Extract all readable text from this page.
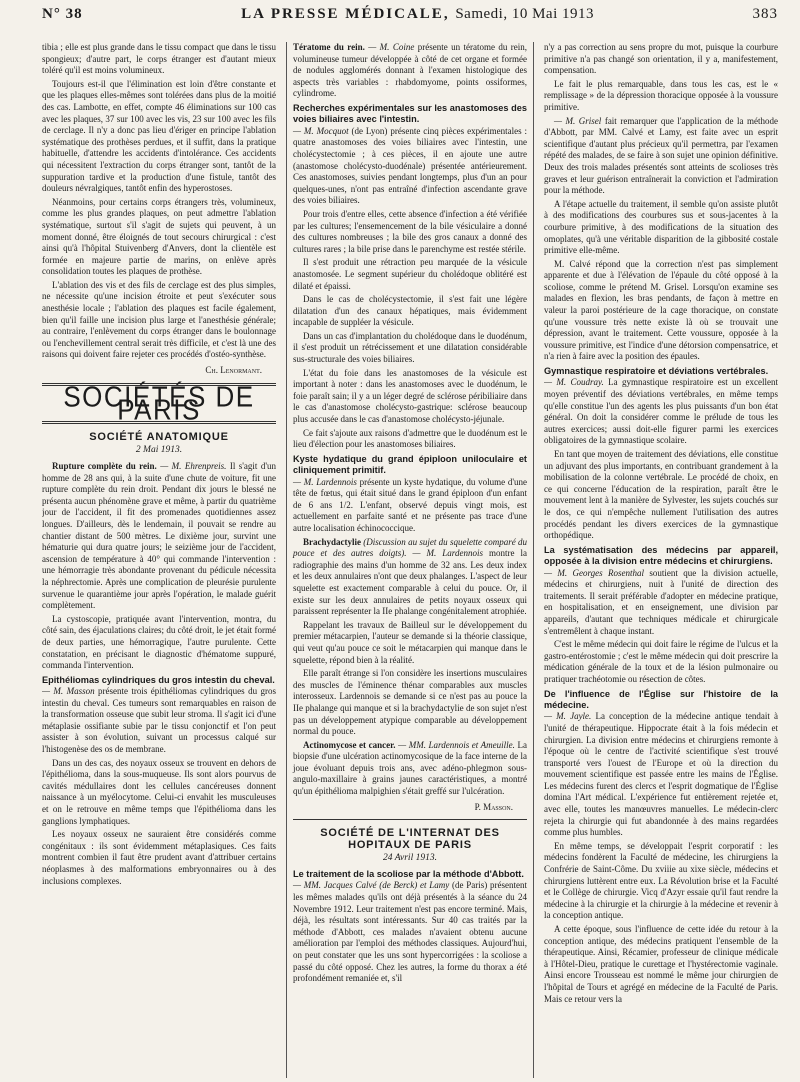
N° 38	LA PRESSE MÉDICALE, Samedi, 10 Mai 1913	383

tibia ; elle est plus grande dans le tissu compact que dans le tissu spongieux; d'autre part, le corps étranger est d'autant mieux toléré qu'il est moins volumineux.

Toujours est-il que l'élimination est loin d'être constante et que les plaques elles-mêmes sont tolérées dans plus de la moitié des cas. Lambotte, en effet, compte 46 éliminations sur 100 cas avec les plaques, 37 sur 100 avec les vis, 23 sur 100 avec les fils de cerclage. Il n'y a donc pas lieu d'ériger en principe l'ablation systématique des prothèses perdues, et il suffit, dans la pratique habituelle, d'attendre les accidents d'intolérance. Ces accidents qui nécessitent l'extraction du corps étranger sont, tantôt de la suppuration tardive et la production d'une fistule, tantôt des douleurs névralgiques, tantôt enfin des hyperostoses.

Néanmoins, pour certains corps étrangers très, volumineux, comme les plus grandes plaques, on peut admettre l'ablation systématique, surtout s'il s'agit de sujets qui peuvent, à un moment donné, être éloignés de tout secours chirurgical : c'est ainsi qu'à l'hôpital Stuivenberg d'Anvers, dont la clientèle est formée en majeure partie de marins, on enlève après consolidation toutes les plaques de prothèse.

L'ablation des vis et des fils de cerclage est des plus simples, ne nécessite qu'une incision étroite et peut s'exécuter sous anesthésie locale ; l'ablation des plaques est facile également, bien qu'il faille une incision plus large et l'anesthésie générale; au contraire, l'enlèvement du corps étranger dans le boulonnage ou l'enchevillement central serait très difficile, et c'est là une des raisons qui doivent faire rejeter ces procédés d'ostéo-synthèse.

Ch. Lenormant.
SOCIÉTÉS DE PARIS
SOCIÉTÉ ANATOMIQUE
2 Mai 1913.

Rupture complète du rein. — M. Ehrenpreis. Il s'agit d'un homme de 28 ans qui, à la suite d'une chute de voiture, fit une rupture complète du rein droit. Pendant dix jours le blessé ne présenta aucun phénomène grave et même, à partir du quatrième jour de l'accident, il fit des promenades quotidiennes assez longues. D'ailleurs, dès le lendemain, il pouvait se rendre au chantier distant de 500 mètres. Le dixième jour, survint une hématurie qui dura quatre jours; le seizième jour de l'accident, ascension de température à 40° qui commande l'intervention : une hémorragie très abondante provenant du pédicule nécessita la néphrectomie. Après une complication de pleurésie purulente survenue le quarantième jour après l'opération, le malade guérit complètement.

La cystoscopie, pratiquée avant l'intervention, montra, du côté sain, des éjaculations claires; du côté droit, le jet était formé de deux parties, une hémorragique, l'autre purulente. Cette constatation, en précisant le diagnostic d'hématome suppuré, commanda l'intervention.

Epithéliomas cylindriques du gros intestin du cheval.

— M. Masson présente trois épithéliomas cylindriques du gros intestin du cheval. Ces tumeurs sont remarquables en raison de la transformation osseuse que subit leur stroma. Il s'agit ici d'une métaplasie ossifiante subie par le tissu conjonctif et l'on peut assister à son évolution, suivant un processus calqué sur l'histogenèse des os de membrane.

Dans un des cas, des noyaux osseux se trouvent en dehors de l'épithélioma, dans la sous-muqueuse. Ils sont alors pourvus de cavités médullaires dont les cellules cancéreuses donnent naissance à un myélocytome. Celui-ci envahit les musculeuses et on le retrouve en même temps que l'épithélioma dans les ganglions lymphatiques.

Les noyaux osseux ne sauraient être considérés comme congénitaux : ils sont évidemment métaplasiques. Ces faits montrent combien il faut être prudent avant d'attribuer certains néoplasmes à des malformations embryonnaires ou à des inclusions complexes.

Tératome du rein. — M. Coine présente un tératome du rein, volumineuse tumeur développée à côté de cet organe et formée de nodules agglomérés donnant à l'examen histologique des aspects très variables : rhabdomyome, points ossiformes, cylindrome.

Recherches expérimentales sur les anastomoses des voies biliaires avec l'intestin.

— M. Mocquot (de Lyon) présente cinq pièces expérimentales : quatre anastomoses des voies biliaires avec l'intestin, une cholécystectomie ; à ces pièces, il en ajoute une autre (anastomose cholécysto-duodénale) présentée antérieurement. Ces anastomoses, suivies pendant longtemps, plus d'un an pour quelques-unes, n'ont pas entraîné d'infection ascendante grave des voies biliaires.

Pour trois d'entre elles, cette absence d'infection a été vérifiée par les cultures; l'ensemencement de la bile vésiculaire a donné des cultures nombreuses ; la bile des gros canaux a donné des cultures rares ; la bile prise dans le parenchyme est restée stérile.

Il s'est produit une rétraction peu marquée de la vésicule anastomosée. Le segment supérieur du cholédoque oblitéré est dilaté et épaissi.

Dans le cas de cholécystectomie, il s'est fait une légère dilatation d'un des canaux hépatiques, mais évidemment incapable de suppléer la vésicule.

Dans un cas d'implantation du cholédoque dans le duodénum, il s'est produit un rétrécissement et une dilatation considérable sus-structurale des voies biliaires.

L'état du foie dans les anastomoses de la vésicule est important à noter : dans les anastomoses avec le duodénum, le foie paraît sain; il y a un léger degré de sclérose péribiliaire dans le cas d'anastomose cholécysto-gastrique: sclérose beaucoup plus accusée dans le cas d'anastomose cholécysto-jéjunale.

Ce fait s'ajoute aux raisons d'admettre que le duodénum est le lieu d'élection pour les anastomoses biliaires.

Kyste hydatique du grand épiploon uniloculaire et cliniquement primitif.

— M. Lardennois présente un kyste hydatique, du volume d'une tête de fœtus, qui était situé dans le grand épiploon d'un enfant de 6 ans 1/2. L'enfant, observé depuis vingt mois, est actuellement en parfaite santé et ne présente pas trace d'une autre localisation échinococcique.

Brachydactylie (Discussion au sujet du squelette comparé du pouce et des autres doigts). — M. Lardennois montre la radiographie des mains d'un homme de 32 ans. Les deux index et les deux annulaires n'ont que deux phalanges. L'aspect de leur squelette est exactement comparable à celui du pouce. Or, il existe sur les deux annulaires de petits noyaux osseux qui paraissent représenter la IIe phalange congénitalement atrophiée.

Rappelant les travaux de Bailleul sur le développement du premier métacarpien, l'auteur se demande si la théorie classique, qui veut qu'au pouce ce soit le métacarpien qui manque dans le squelette, répond bien à la réalité.

Elle paraît étrange si l'on considère les insertions musculaires des muscles de l'éminence thénar comparables aux muscles interosseux. Lardennois se demande si ce n'est pas au pouce la IIe phalange qui manque et si la brachydactylie de son sujet n'est pas un développement atypique comparable au développement normal du pouce.

Actinomycose et cancer. — MM. Lardennois et Ameuille. La biopsie d'une ulcération actinomycosique de la face interne de la joue évoluant depuis trois ans, avec adéno-phlegmon sous-angulo-maxillaire à grains jaunes caractéristiques, a montré qu'un épithélioma malpighien s'était greffé sur l'ulcération.

P. Masson.
SOCIÉTÉ DE L'INTERNAT DES HOPITAUX DE PARIS
24 Avril 1913.
Le traitement de la scoliose par la méthode d'Abbott.

— MM. Jacques Calvé (de Berck) et Lamy (de Paris) présentent les mêmes malades qu'ils ont déjà présentés à la séance du 24 Novembre 1912. Leur traitement n'est pas encore terminé. Mais, déjà, les résultats sont intéressants. Sur 40 cas traités par la méthode d'Abbott, ces malades n'avaient obtenu aucune amélioration par l'emploi des méthodes classiques. Aujourd'hui, on peut constater que les uns sont hypercorrigées : la scoliose a passé du côté opposé. Chez les autres, la forme du thorax a été profondément remaniée et, s'il

n'y a pas correction au sens propre du mot, puisque la courbure primitive n'a pas changé son orientation, il y a, manifestement, compensation.

Le fait le plus remarquable, dans tous les cas, est le « remplissage » de la dépression thoracique opposée à la voussure primitive.

— M. Grisel fait remarquer que l'application de la méthode d'Abbott, par MM. Calvé et Lamy, est faite avec un esprit scientifique d'autant plus précieux qu'il permettra, par l'examen répété des malades, de se faire à son sujet une opinion définitive. Deux des trois malades présentés sont atteints de scolioses très graves et leur guérison entraînerait la conviction et l'admiration pour la méthode.

A l'étape actuelle du traitement, il semble qu'on assiste plutôt à des modifications des courbures sus et sous-jacentes à la courbure primitive, à des modifications de la situation des omoplates, qu'à une véritable disparition de la gibbosité costale primitive elle-même.

M. Calvé répond que la correction n'est pas simplement apparente et due à l'élévation de l'épaule du côté opposé à la scoliose, comme le prétend M. Grisel. Lorsqu'on examine ses malades en flexion, les bras pendants, de façon à mettre en valeur la paroi postérieure de la cage thoracique, on constate qu'une voussure très nette existe là où se trouvait une dépression, avant le traitement. Cette voussure, opposée à la voussure primitive, est l'indice d'une détorsion compensatrice, et n'a rien à faire avec la position des épaules.

Gymnastique respiratoire et déviations vertébrales.

— M. Coudray. La gymnastique respiratoire est un excellent moyen préventif des déviations vertébrales, en même temps qu'elle constitue l'un des agents les plus puissants d'un bon état général. On doit la considérer comme le prélude de tous les autres exercices; aussi doit-elle figurer parmi les exercices obligatoires de la gymnastique scolaire.

En tant que moyen de traitement des déviations, elle constitue un adjuvant des plus importants, en contribuant grandement à la mobilisation de la colonne vertébrale. Le procédé de choix, en ce qui concerne l'éducation de la respiration, paraît être le mouvement lent à la manière de Sylvester, les sujets couchés sur le dos, ce qui n'empêche nullement l'utilisation des autres procédés pendant les divers exercices de la gymnastique orthopédique.

La systématisation des médecins par appareil, opposée à la division entre médecins et chirurgiens.

— M. Georges Rosenthal soutient que la division actuelle, médecins et chirurgiens, nuit à l'unité de direction des traitements. Il serait préférable d'adopter en médecine pratique, en hospitalisation, et en enseignement, une division par appareils, d'autant que techniques médicale et chirurgicale s'entremêlent à chaque instant.

C'est le même médecin qui doit faire le régime de l'ulcus et la gastro-entérostomie ; c'est le même médecin qui doit prescrire la médication générale de la toux et de la lésion pulmonaire ou pratiquer trachéotomie ou résection de côtes.

De l'influence de l'Église sur l'histoire de la médecine.

— M. Jayle. La conception de la médecine antique tendait à l'unité de thérapeutique. Hippocrate était à la fois médecin et chirurgien. La division entre médecins et chirurgiens remonte à l'époque où le centre de l'activité scientifique s'est trouvé transporté vers l'ouest de l'Europe et où la direction du mouvement scientifique est passée entre les mains de l'Église. Les médecins furent des clercs et l'esprit dogmatique de l'Église domina l'Art médical. L'expérience fut entièrement rejetée et, avec elle, toutes les manœuvres manuelles. Le médecin-clerc rejeta la chirurgie qui fut abandonnée à des mains regardées comme plus humbles.

En même temps, se développait l'esprit corporatif : les médecins fondèrent la Faculté de médecine, les chirurgiens la Confrérie de Saint-Côme. Du xviiie au xixe siècle, médecins et chirurgiens luttèrent entre eux. La Révolution brise et la Faculté et le Collège de chirurgie. Vicq d'Azyr essaie qu'il faut rendre la médecine à la chirurgie et la chirurgie à la médecine et revenir à la conception antique.

A cette époque, sous l'influence de cette idée du retour à la conception antique, des médecins pratiquent l'ensemble de la thérapeutique. Ainsi, Récamier, professeur de clinique médicale à l'Hôtel-Dieu, pratique le curettage et l'hystérectomie vaginale. Ainsi encore Trousseau est nommé le même jour chirurgien de l'hôpital de Tours et agrégé en médecine de la Faculté de Paris. Mais ce retour vers la
